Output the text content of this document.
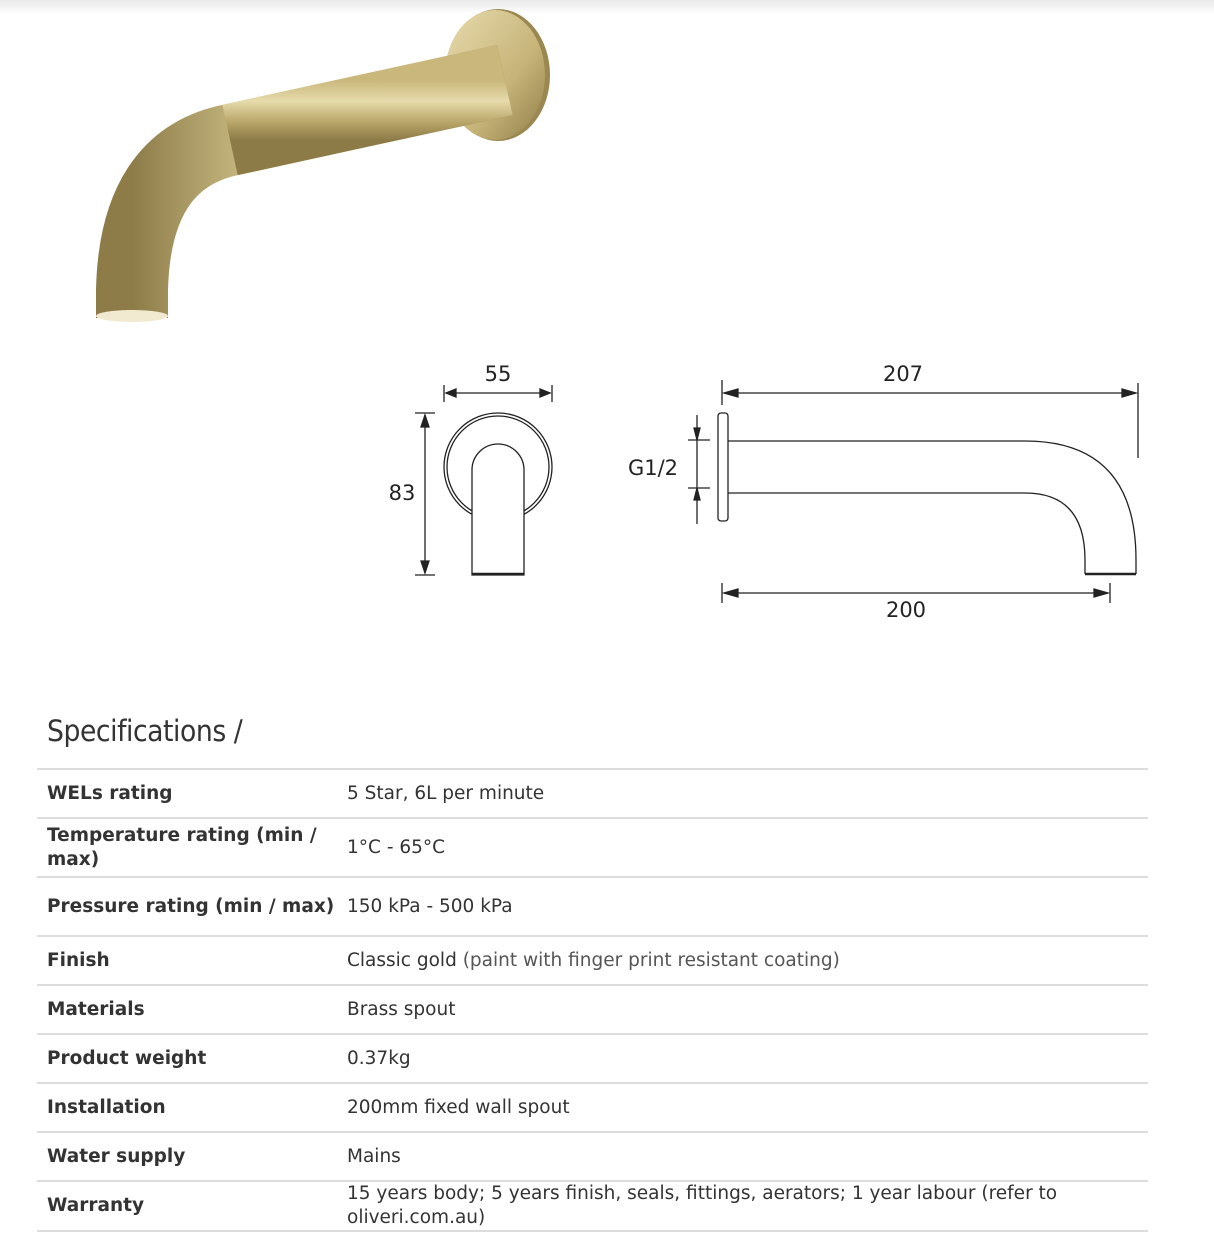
55
83
G1/2
207
200
Specifications /
WELs rating	5 Star, 6L per minute
Temperature rating (min / max)	1°C - 65°C
Pressure rating (min / max)	150 kPa - 500 kPa
Finish	Classic gold (paint with finger print resistant coating)
Materials	Brass spout
Product weight	0.37kg
Installation	200mm fixed wall spout
Water supply	Mains
Warranty	15 years body; 5 years finish, seals, fittings, aerators; 1 year labour (refer to oliveri.com.au)
